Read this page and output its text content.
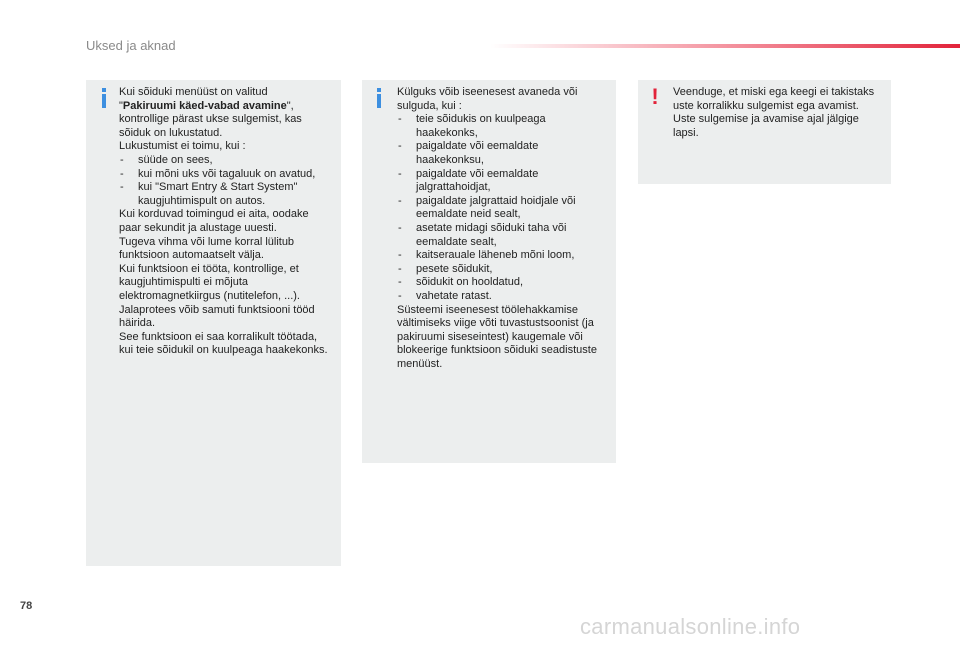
Uksed ja aknad

Kui sõiduki menüüst on valitud

"Pakiruumi käed-vabad avamine",

kontrollige pärast ukse sulgemist, kas

sõiduk on lukustatud.

Lukustumist ei toimu, kui :

- süüde on sees,

- kui mõni uks või tagaluuk on avatud,

- kui "Smart Entry & Start System" kaugjuhtimispult on autos.

Kui korduvad toimingud ei aita, oodake paar sekundit ja alustage uuesti.

Tugeva vihma või lume korral lülitub funktsioon automaatselt välja.

Kui funktsioon ei tööta, kontrollige, et kaugjuhtimispulti ei mõjuta elektromagnetkiirgus (nutitelefon, ...).

Jalaprotees võib samuti funktsiooni tööd häirida.

See funktsioon ei saa korralikult töötada, kui teie sõidukil on kuulpeaga haakekonks.

Külguks võib iseenesest avaneda või sulguda, kui :

- teie sõidukis on kuulpeaga haakekonks,

- paigaldate või eemaldate haakekonksu,

- paigaldate või eemaldate jalgrattahoidjat,

- paigaldate jalgrattaid hoidjale või eemaldate neid sealt,

- asetate midagi sõiduki taha või eemaldate sealt,

- kaitserauale läheneb mõni loom,

- pesete sõidukit,

- sõidukit on hooldatud,

- vahetate ratast.

Süsteemi iseenesest töölehakkamise vältimiseks viige võti tuvastustsoonist (ja pakiruumi siseseintest) kaugemale või blokeerige funktsioon sõiduki seadistuste menüüst.

! Veenduge, et miski ega keegi ei takistaks uste korralikku sulgemist ega avamist.

Uste sulgemise ja avamise ajal jälgige lapsi.

78
carmanualsonline.info
